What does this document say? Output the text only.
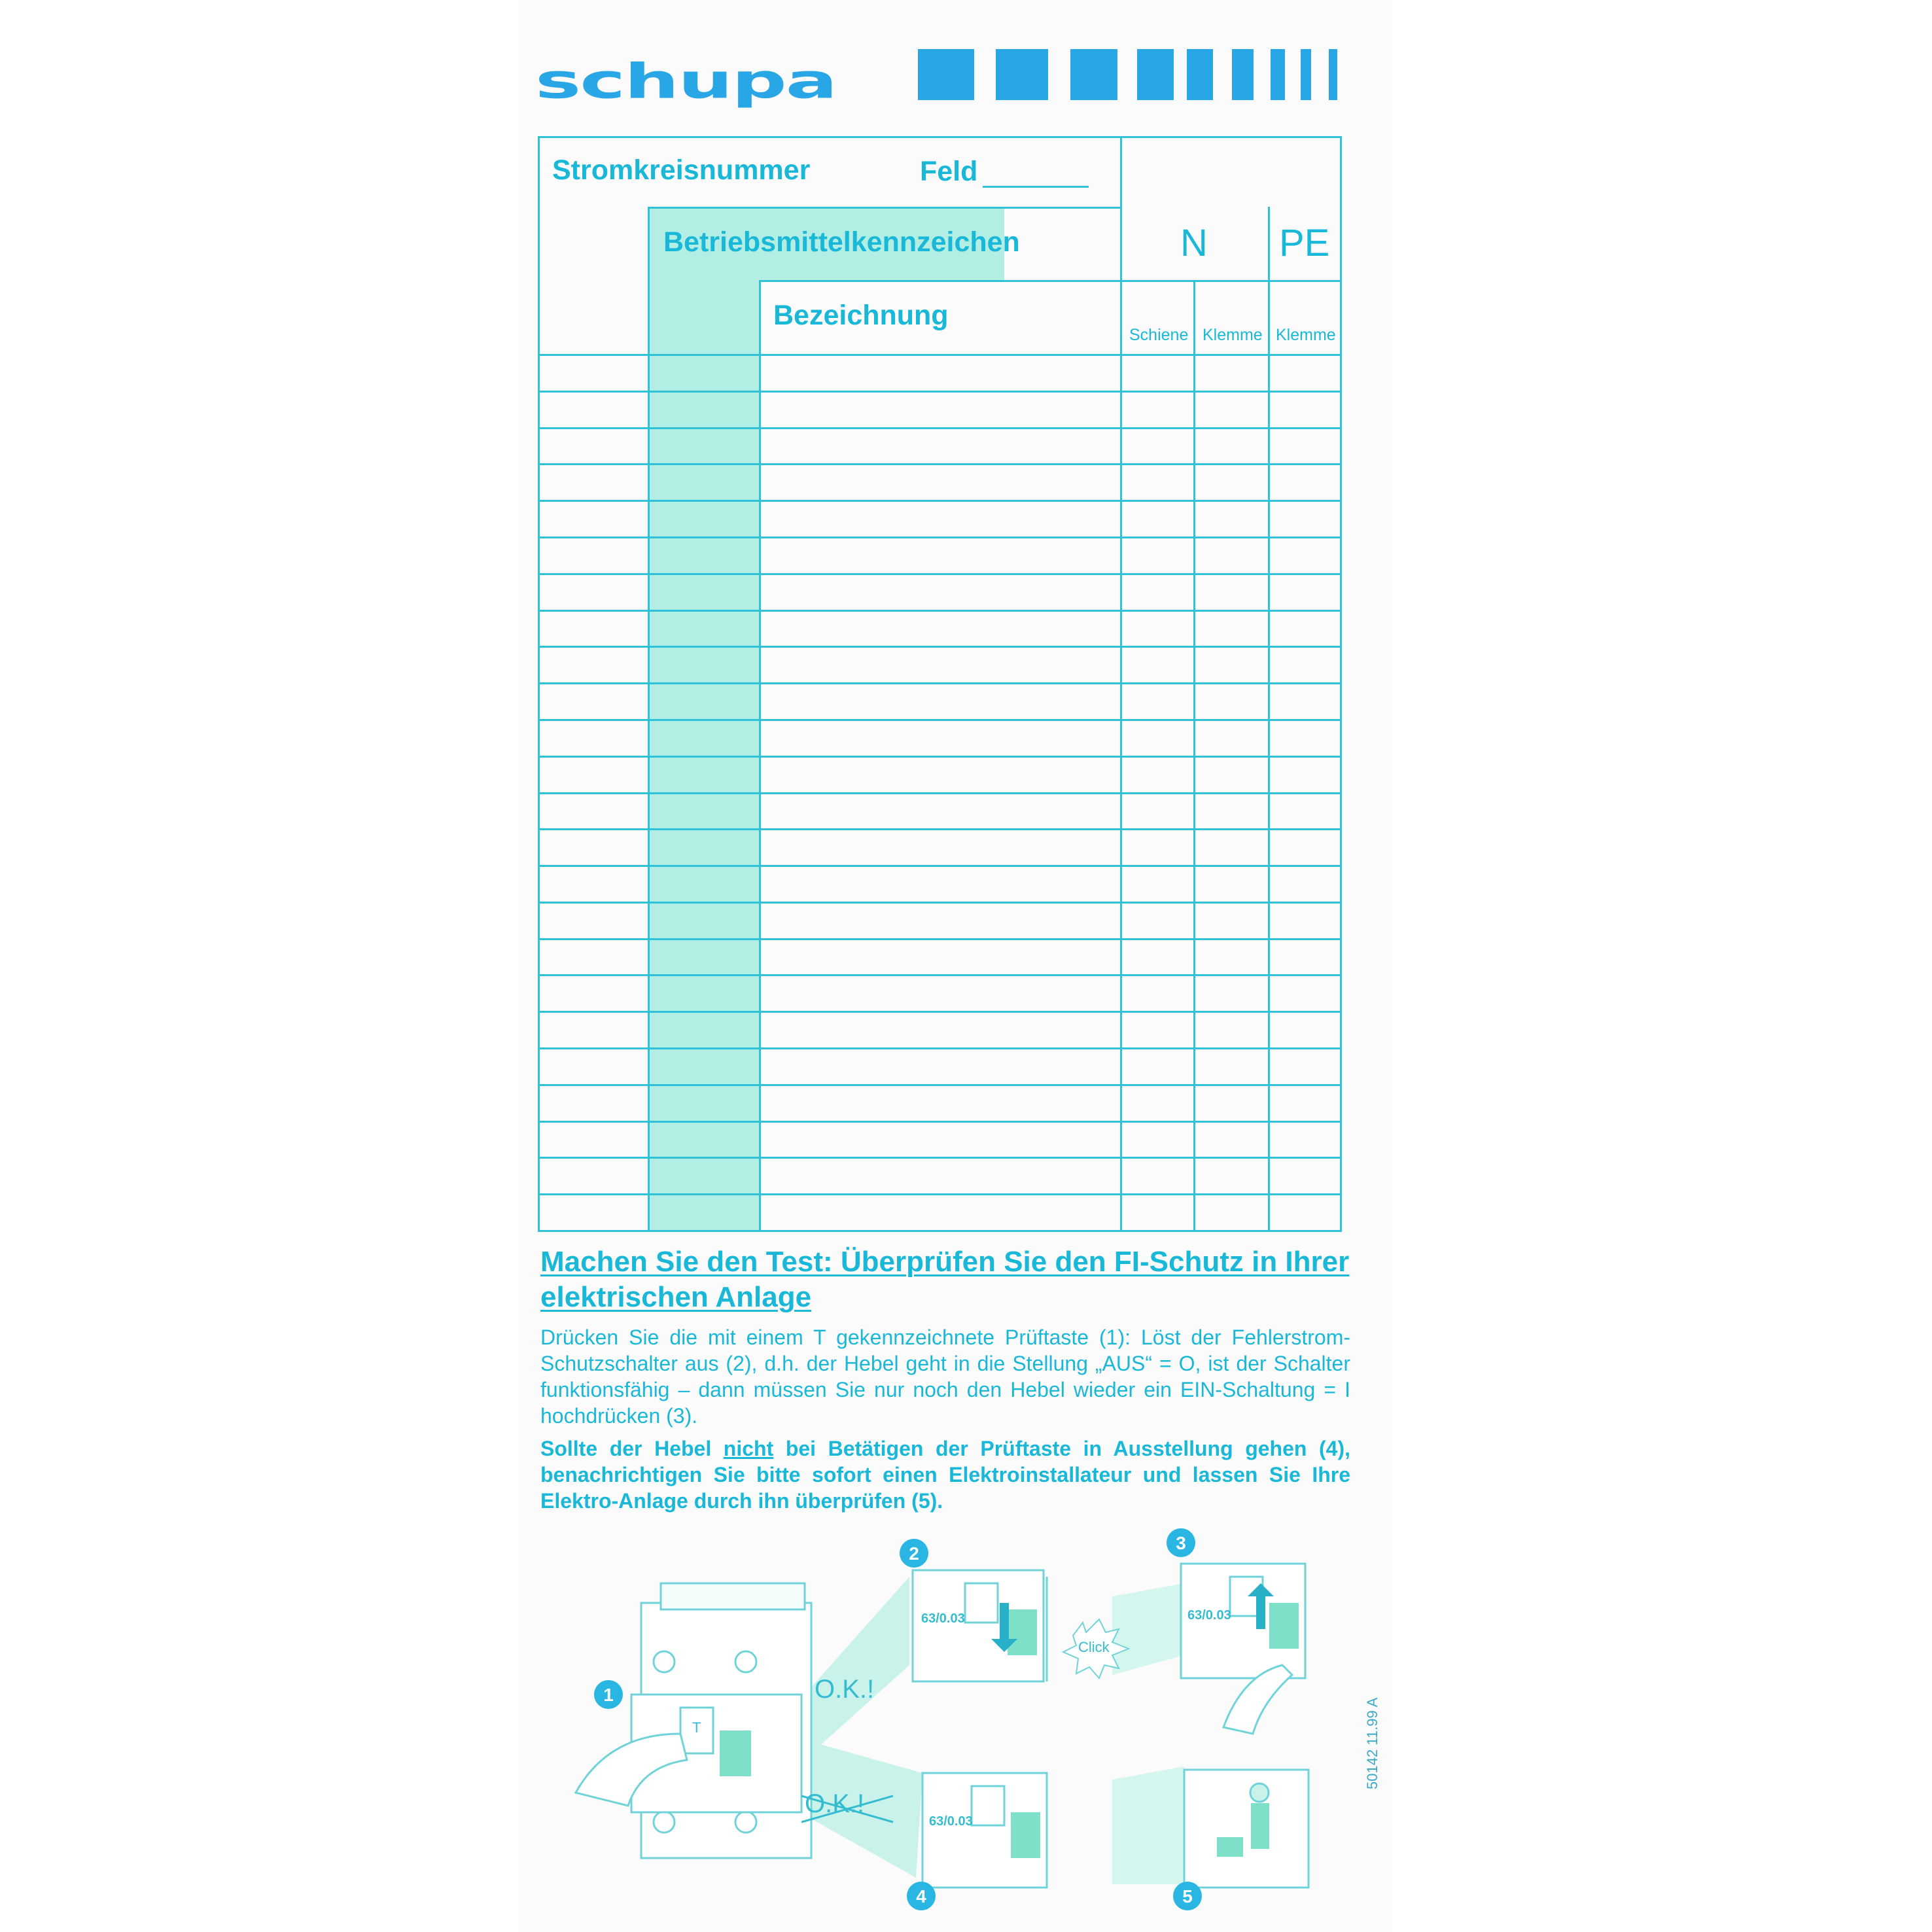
schupa
Stromkreisnummer	Feld
Betriebsmittelkennzeichen
Bezeichnung
N PE
Schiene Klemme Klemme

Machen Sie den Test: Überprüfen Sie den FI-Schutz in Ihrer elektrischen Anlage

Drücken Sie die mit einem T gekennzeichnete Prüftaste (1): Löst der Fehlerstrom-Schutzschalter aus (2), d.h. der Hebel geht in die Stellung „AUS“ = O, ist der Schalter funktionsfähig – dann müssen Sie nur noch den Hebel wieder ein EIN-Schaltung = I hochdrücken (3).

Sollte der Hebel nicht bei Betätigen der Prüftaste in Ausstellung gehen (4), benachrichtigen Sie bitte sofort einen Elektroinstallateur und lassen Sie Ihre Elektro-Anlage durch ihn überprüfen (5).

1
2
3
4	5
O.K.!
O.K.!
Click
63/0.03	63/0.03
63/0.03
T	50142 11.99 A
